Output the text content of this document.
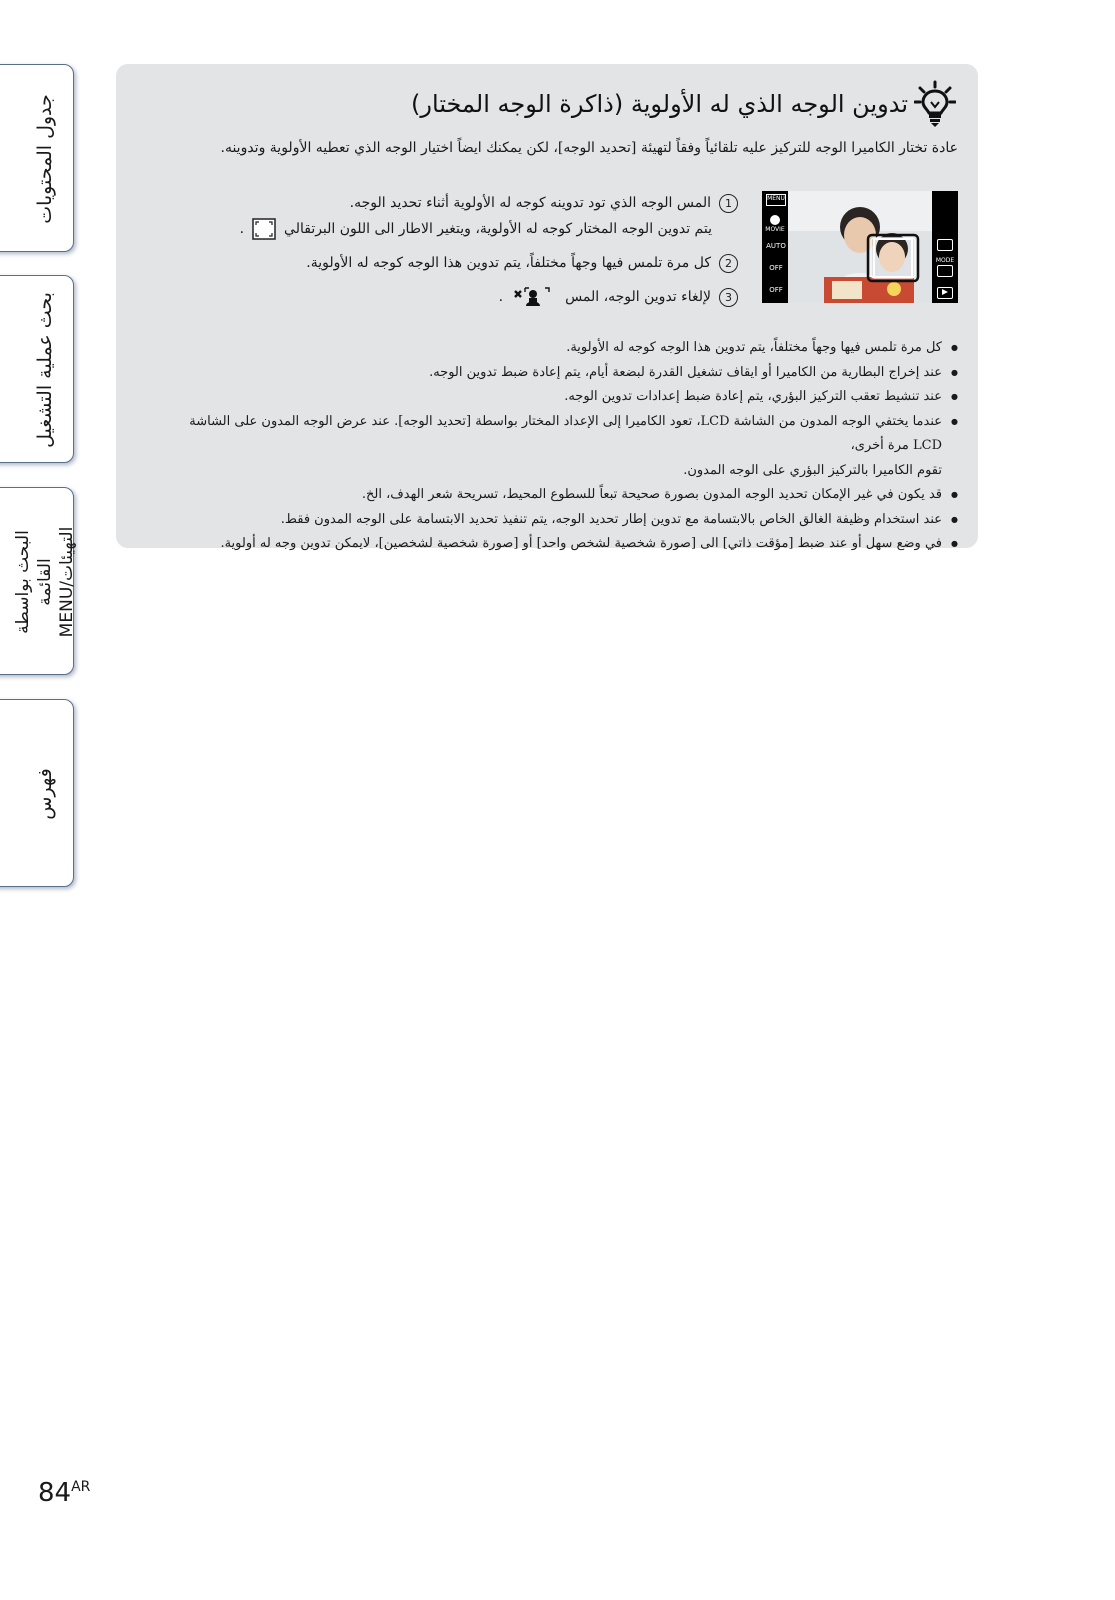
جدول المحتويات
بحث عملية التشغيل
البحث بواسطة القائمة
التهيئات/MENU
فهرس
تدوين الوجه الذي له الأولوية (ذاكرة الوجه المختار)
عادة تختار الكاميرا الوجه للتركيز عليه تلقائياً وفقاً لتهيئة [تحديد الوجه]، لكن يمكنك ايضاً اختيار الوجه الذي تعطيه الأولوية وتدوينه.
1
المس الوجه الذي تود تدوينه كوجه له الأولوية أثناء تحديد الوجه.
يتم تدوين الوجه المختار كوجه له الأولوية، ويتغير الاطار الى اللون البرتقالي
.
2
كل مرة تلمس فيها وجهاً مختلفاً، يتم تدوين هذا الوجه كوجه له الأولوية.
3
لإلغاء تدوين الوجه، المس
.
MENU
MOVIE
AUTO
OFF
OFF
MODE
● كل مرة تلمس فيها وجهاً مختلفاً، يتم تدوين هذا الوجه كوجه له الأولوية.
● عند إخراج البطارية من الكاميرا أو ايقاف تشغيل القدرة لبضعة أيام، يتم إعادة ضبط تدوين الوجه.
● عند تنشيط تعقب التركيز البؤري، يتم إعادة ضبط إعدادات تدوين الوجه.
● عندما يختفي الوجه المدون من الشاشة LCD، تعود الكاميرا إلى الإعداد المختار بواسطة [تحديد الوجه]. عند عرض الوجه المدون على الشاشة LCD مرة أخرى،
تقوم الكاميرا بالتركيز البؤري على الوجه المدون.
● قد يكون في غير الإمكان تحديد الوجه المدون بصورة صحيحة تبعاً للسطوع المحيط، تسريحة شعر الهدف، الخ.
● عند استخدام وظيفة الغالق الخاص بالابتسامة مع تدوين إطار تحديد الوجه، يتم تنفيذ تحديد الابتسامة على الوجه المدون فقط.
● في وضع سهل أو عند ضبط [مؤقت ذاتي] الى [صورة شخصية لشخص واحد] أو [صورة شخصية لشخصين]، لايمكن تدوين وجه له أولوية.
$84^{AR}$
